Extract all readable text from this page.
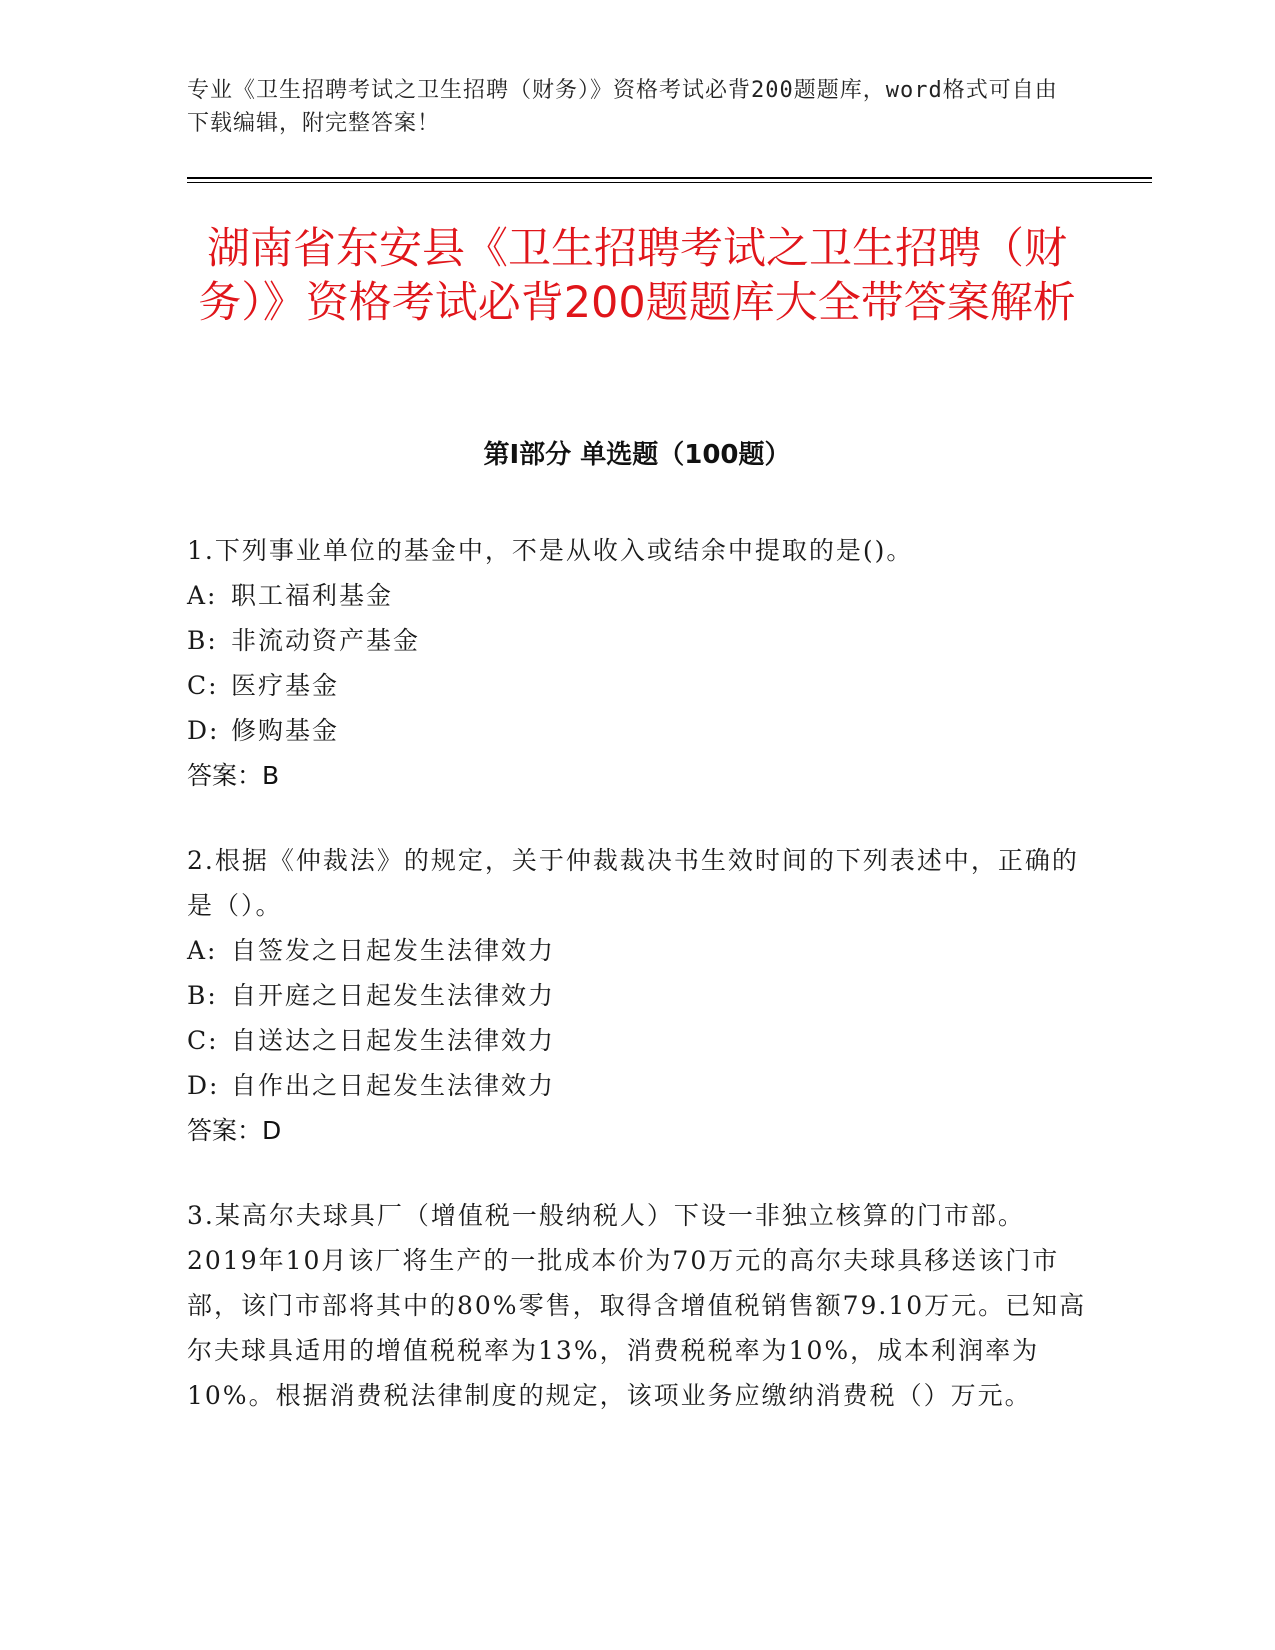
专业《卫生招聘考试之卫生招聘（财务）》资格考试必背200题题库，word格式可自由下载编辑，附完整答案！
湖南省东安县《卫生招聘考试之卫生招聘（财务）》资格考试必背200题题库大全带答案解析
第I部分 单选题（100题）
1.下列事业单位的基金中，不是从收入或结余中提取的是()。
A: 职工福利基金
B: 非流动资产基金
C: 医疗基金
D: 修购基金
答案：B
2.根据《仲裁法》的规定，关于仲裁裁决书生效时间的下列表述中，正确的是（）。
A: 自签发之日起发生法律效力
B: 自开庭之日起发生法律效力
C: 自送达之日起发生法律效力
D: 自作出之日起发生法律效力
答案：D
3.某高尔夫球具厂（增值税一般纳税人）下设一非独立核算的门市部。2019年10月该厂将生产的一批成本价为70万元的高尔夫球具移送该门市部，该门市部将其中的80%零售，取得含增值税销售额79.10万元。已知高尔夫球具适用的增值税税率为13%，消费税税率为10%，成本利润率为10%。根据消费税法律制度的规定，该项业务应缴纳消费税（）万元。
